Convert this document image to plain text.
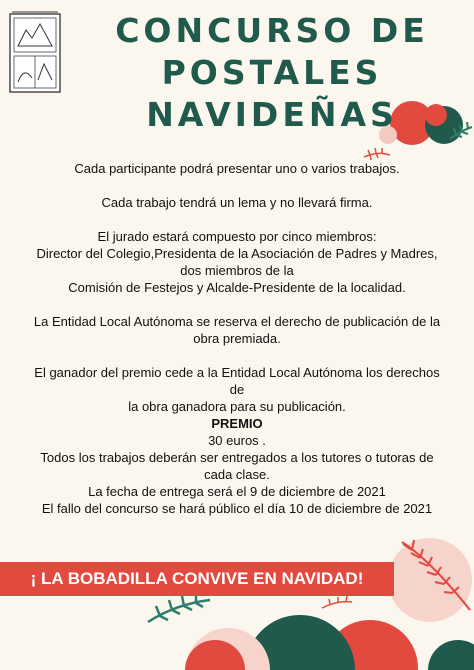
CONCURSO DE
POSTALES
NAVIDEÑAS

Cada participante podrá presentar uno o varios trabajos.

Cada trabajo tendrá un lema y no llevará firma.

El jurado estará compuesto por cinco miembros:

Director del Colegio,Presidenta de la Asociación de Padres y Madres,

dos miembros de la

Comisión de Festejos y Alcalde-Presidente de la localidad.

La Entidad Local Autónoma se reserva el derecho de publicación de la

obra premiada.

El ganador del premio cede a la Entidad Local Autónoma los derechos

de

la obra ganadora para su publicación.

PREMIO

30 euros .

Todos los trabajos deberán ser entregados a los tutores o tutoras de

cada clase.

La fecha de entrega será el 9 de diciembre de 2021

El fallo del concurso se hará público el día 10 de diciembre de 2021

¡ LA BOBADILLA CONVIVE EN NAVIDAD!
